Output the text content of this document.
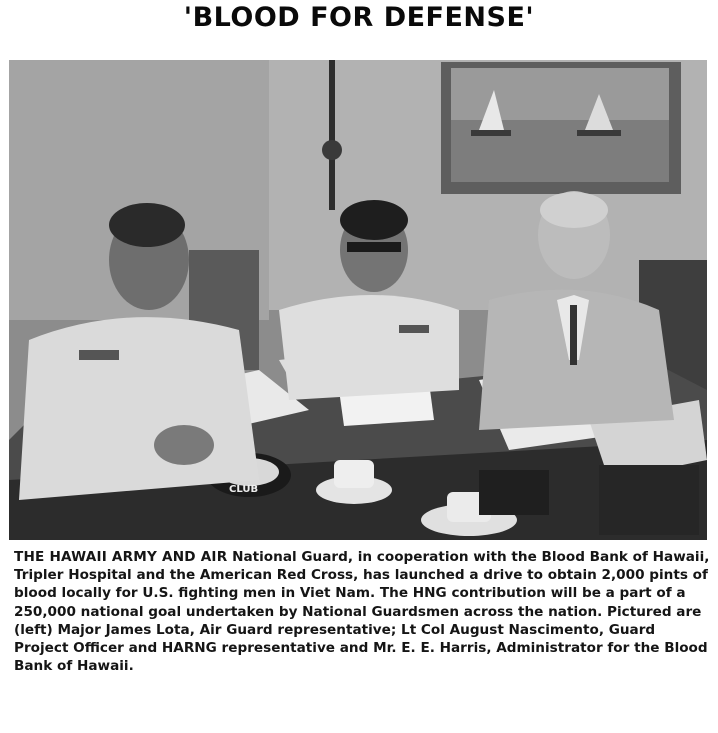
'BLOOD FOR DEFENSE'
CLUB
THE HAWAII ARMY AND AIR National Guard, in cooperation with the Blood Bank of Hawaii, Tripler Hospital and the American Red Cross, has launched a drive to obtain 2,000 pints of blood locally for U.S. fighting men in Viet Nam. The HNG contribution will be a part of a 250,000 national goal undertaken by National Guardsmen across the nation. Pictured are (left) Major James Lota, Air Guard representative; Lt Col August Nascimento, Guard Project Officer and HARNG representative and Mr. E. E. Harris, Administrator for the Blood Bank of Hawaii.
